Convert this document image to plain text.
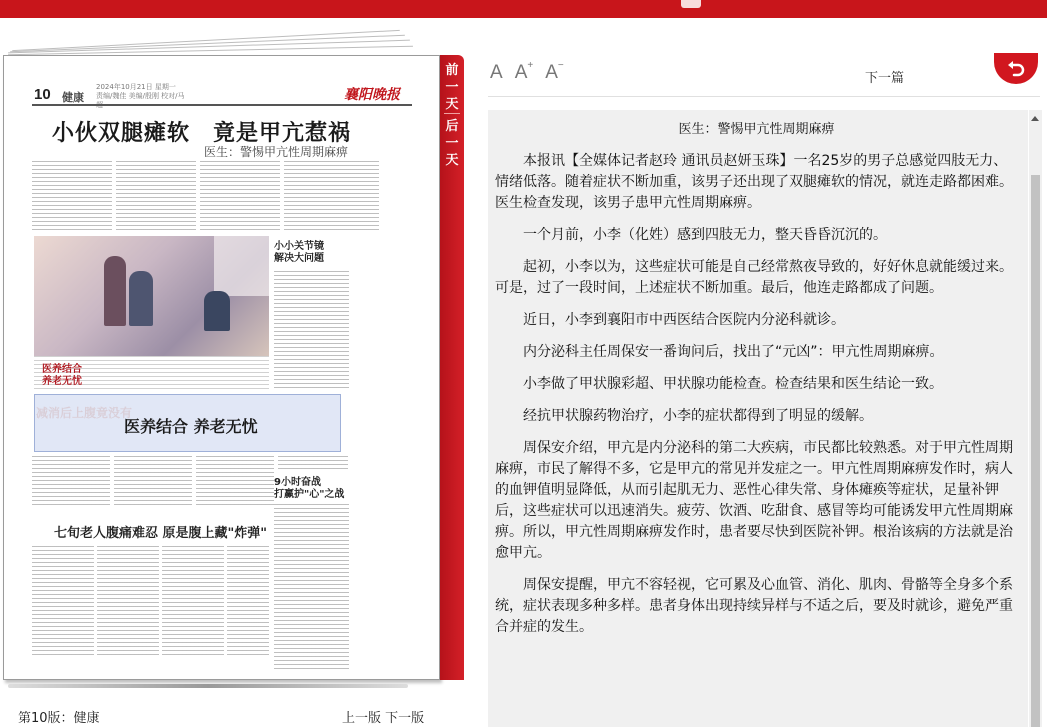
10 健康
2024年10月21日 星期一
责编/魏佳 美编/殷刚 校对/马	襄阳晚报
小伙双腿瘫软　竟是甲亢惹祸
医生：警惕甲亢性周期麻痹
医养结合
养老无忧
小小关节镜
解决大问题
减消后上腹竟没有
医养结合 养老无忧
9小时奋战
打赢护"心"之战
七旬老人腹痛难忍 原是腹上藏"炸弹"
前一天
后一天
第10版：健康	上一版 下一版
A A+ A−
下一篇
医生：警惕甲亢性周期麻痹

本报讯【全媒体记者赵玲 通讯员赵妍玉珠】一名25岁的男子总感觉四肢无力、情绪低落。随着症状不断加重，该男子还出现了双腿瘫软的情况，就连走路都困难。医生检查发现，该男子患甲亢性周期麻痹。

一个月前，小李（化姓）感到四肢无力，整天昏昏沉沉的。

起初，小李以为，这些症状可能是自己经常熬夜导致的，好好休息就能缓过来。可是，过了一段时间，上述症状不断加重。最后，他连走路都成了问题。

近日，小李到襄阳市中西医结合医院内分泌科就诊。

内分泌科主任周保安一番询问后，找出了“元凶”：甲亢性周期麻痹。

小李做了甲状腺彩超、甲状腺功能检查。检查结果和医生结论一致。

经抗甲状腺药物治疗，小李的症状都得到了明显的缓解。

周保安介绍，甲亢是内分泌科的第二大疾病，市民都比较熟悉。对于甲亢性周期麻痹，市民了解得不多，它是甲亢的常见并发症之一。甲亢性周期麻痹发作时，病人的血钾值明显降低，从而引起肌无力、恶性心律失常、身体瘫痪等症状，足量补钾后，这些症状可以迅速消失。疲劳、饮酒、吃甜食、感冒等均可能诱发甲亢性周期麻痹。所以，甲亢性周期麻痹发作时，患者要尽快到医院补钾。根治该病的方法就是治愈甲亢。

周保安提醒，甲亢不容轻视，它可累及心血管、消化、肌肉、骨骼等全身多个系统，症状表现多种多样。患者身体出现持续异样与不适之后，要及时就诊，避免严重合并症的发生。
